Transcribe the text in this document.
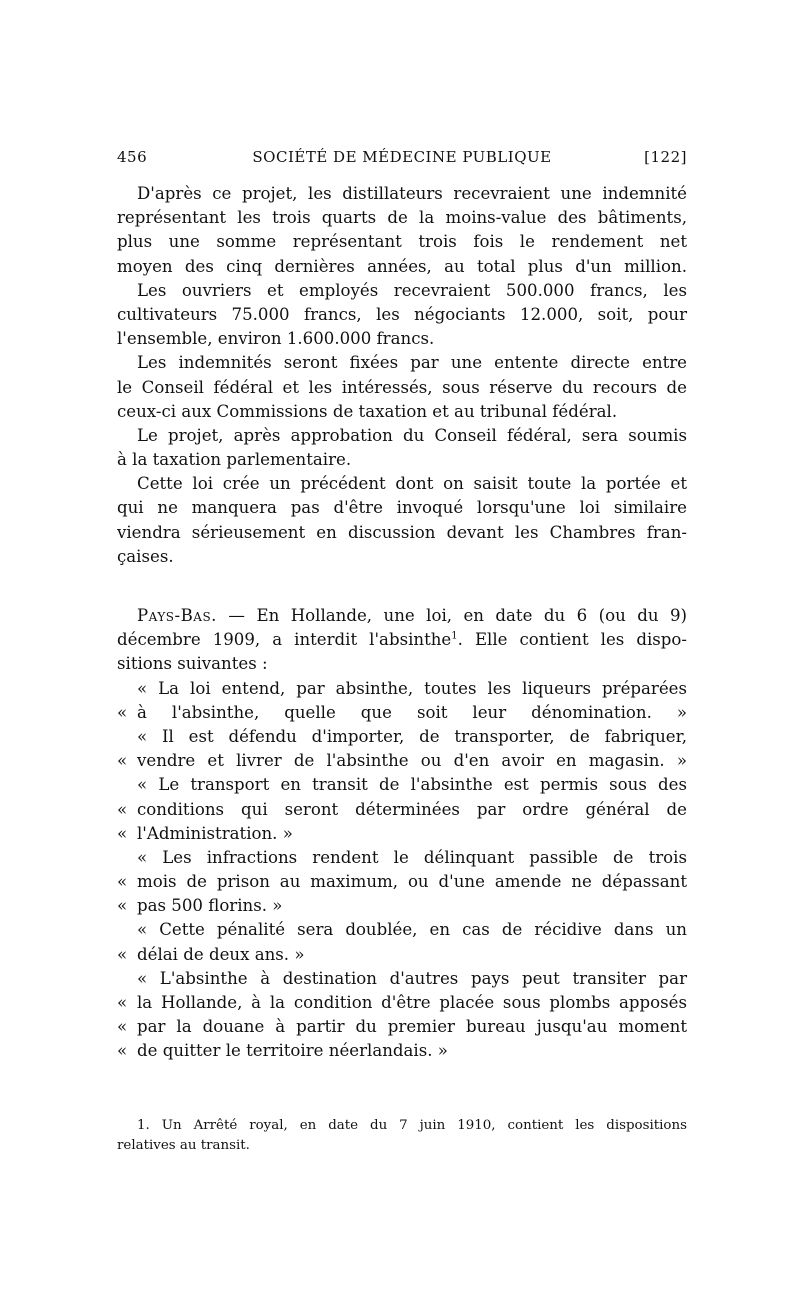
456	SOCIÉTÉ DE MÉDECINE PUBLIQUE	[122]
D'après ce projet, les distillateurs recevraient une indemnité
représentant les trois quarts de la moins-value des bâtiments,
plus une somme représentant trois fois le rendement net
moyen des cinq dernières années, au total plus d'un million.
Les ouvriers et employés recevraient 500.000 francs, les
cultivateurs 75.000 francs, les négociants 12.000, soit, pour
l'ensemble, environ 1.600.000 francs.
Les indemnités seront fixées par une entente directe entre
le Conseil fédéral et les intéressés, sous réserve du recours de
ceux-ci aux Commissions de taxation et au tribunal fédéral.
Le projet, après approbation du Conseil fédéral, sera soumis
à la taxation parlementaire.
Cette loi crée un précédent dont on saisit toute la portée et
qui ne manquera pas d'être invoqué lorsqu'une loi similaire
viendra sérieusement en discussion devant les Chambres fran-
çaises.
Pays-Bas. — En Hollande, une loi, en date du 6 (ou du 9)
décembre 1909, a interdit l'absinthe$^1$. Elle contient les dispo-
sitions suivantes :
« La loi entend, par absinthe, toutes les liqueurs préparées
« à l'absinthe, quelle que soit leur dénomination. »
« Il est défendu d'importer, de transporter, de fabriquer,
« vendre et livrer de l'absinthe ou d'en avoir en magasin. »
« Le transport en transit de l'absinthe est permis sous des
« conditions qui seront déterminées par ordre général de
« l'Administration. »
« Les infractions rendent le délinquant passible de trois
« mois de prison au maximum, ou d'une amende ne dépassant
« pas 500 florins. »
« Cette pénalité sera doublée, en cas de récidive dans un
« délai de deux ans. »
« L'absinthe à destination d'autres pays peut transiter par
« la Hollande, à la condition d'être placée sous plombs apposés
« par la douane à partir du premier bureau jusqu'au moment
« de quitter le territoire néerlandais. »
1. Un Arrêté royal, en date du 7 juin 1910, contient les dispositions
relatives au transit.
